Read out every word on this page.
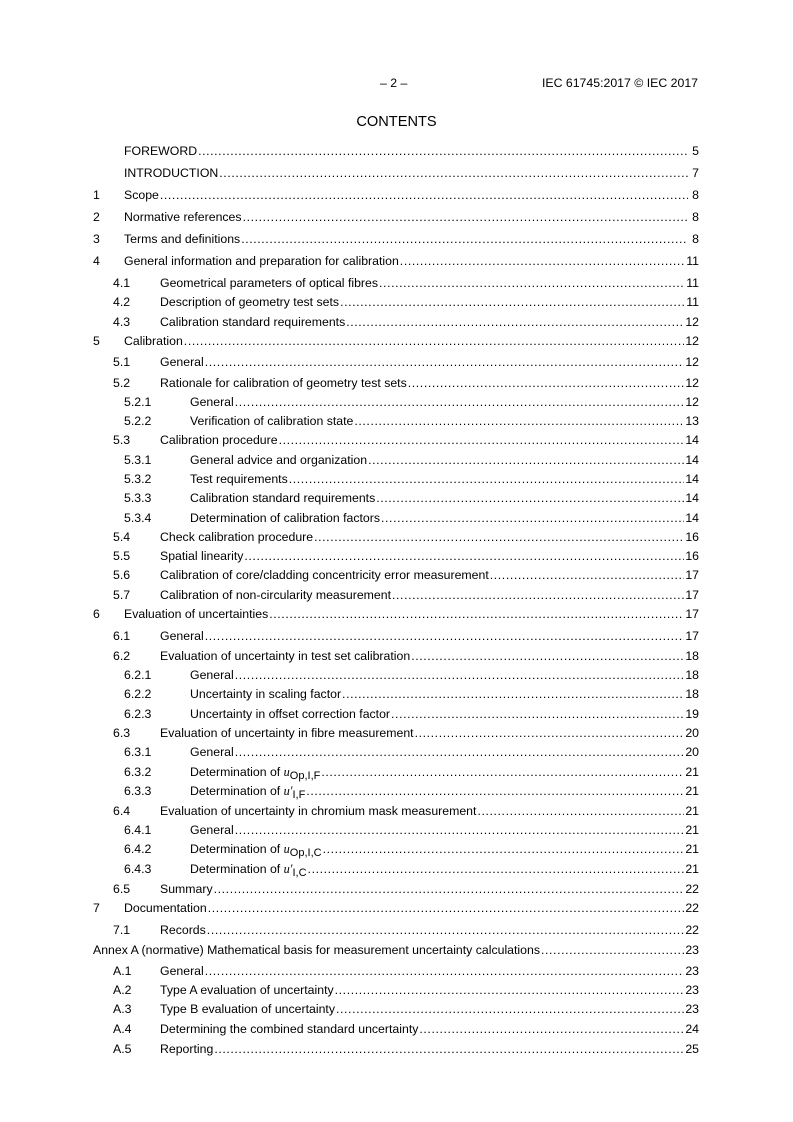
– 2 –	IEC 61745:2017 © IEC 2017
CONTENTS
FOREWORD .....	5
INTRODUCTION .....	7
1	Scope .....	8
2	Normative references .....	8
3	Terms and definitions .....	8
4	General information and preparation for calibration .....	11
4.1	Geometrical parameters of optical fibres .....	11
4.2	Description of geometry test sets .....	11
4.3	Calibration standard requirements .....	12
5	Calibration .....	12
5.1	General .....	12
5.2	Rationale for calibration of geometry test sets .....	12
5.2.1	General .....	12
5.2.2	Verification of calibration state .....	13
5.3	Calibration procedure .....	14
5.3.1	General advice and organization .....	14
5.3.2	Test requirements .....	14
5.3.3	Calibration standard requirements .....	14
5.3.4	Determination of calibration factors .....	14
5.4	Check calibration procedure .....	16
5.5	Spatial linearity .....	16
5.6	Calibration of core/cladding concentricity error measurement .....	17
5.7	Calibration of non-circularity measurement .....	17
6	Evaluation of uncertainties .....	17
6.1	General .....	17
6.2	Evaluation of uncertainty in test set calibration .....	18
6.2.1	General .....	18
6.2.2	Uncertainty in scaling factor .....	18
6.2.3	Uncertainty in offset correction factor .....	19
6.3	Evaluation of uncertainty in fibre measurement .....	20
6.3.1	General .....	20
6.3.2	Determination of $u_{Op,I,F}$ .....	21
6.3.3	Determination of $u'_{I,F}$ .....	21
6.4	Evaluation of uncertainty in chromium mask measurement .....	21
6.4.1	General .....	21
6.4.2	Determination of $u_{Op,I,C}$ .....	21
6.4.3	Determination of $u'_{I,C}$ .....	21
6.5	Summary .....	22
7	Documentation .....	22
7.1	Records .....	22
Annex A (normative) Mathematical basis for measurement uncertainty calculations .....	23
A.1	General .....	23
A.2	Type A evaluation of uncertainty .....	23
A.3	Type B evaluation of uncertainty .....	23
A.4	Determining the combined standard uncertainty .....	24
A.5	Reporting .....	25
